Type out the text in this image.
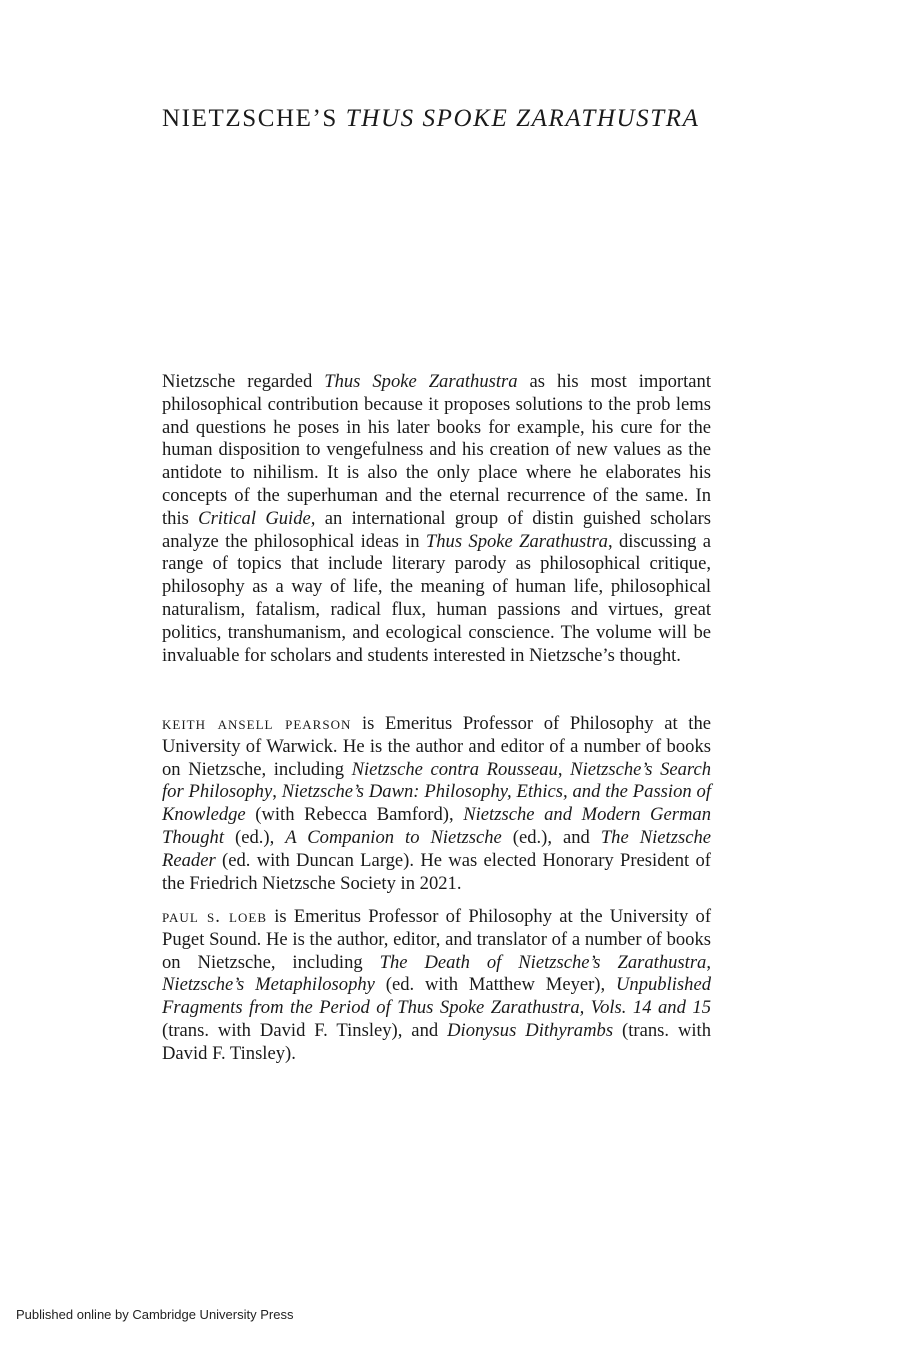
NIETZSCHE’S THUS SPOKE ZARATHUSTRA

Nietzsche regarded Thus Spoke Zarathustra as his most important philosophical contribution because it proposes solutions to the prob lems and questions he poses in his later books for example, his cure for the human disposition to vengefulness and his creation of new values as the antidote to nihilism. It is also the only place where he elaborates his concepts of the superhuman and the eternal recurrence of the same. In this Critical Guide, an international group of distin guished scholars analyze the philosophical ideas in Thus Spoke Zarathustra, discussing a range of topics that include literary parody as philosophical critique, philosophy as a way of life, the meaning of human life, philosophical naturalism, fatalism, radical flux, human passions and virtues, great politics, transhumanism, and ecological conscience. The volume will be invaluable for scholars and students interested in Nietzsche’s thought.

keith ansell pearson is Emeritus Professor of Philosophy at the University of Warwick. He is the author and editor of a number of books on Nietzsche, including Nietzsche contra Rousseau, Nietzsche’s Search for Philosophy, Nietzsche’s Dawn: Philosophy, Ethics, and the Passion of Knowledge (with Rebecca Bamford), Nietzsche and Modern German Thought (ed.), A Companion to Nietzsche (ed.), and The Nietzsche Reader (ed. with Duncan Large). He was elected Honorary President of the Friedrich Nietzsche Society in 2021.

paul s. loeb is Emeritus Professor of Philosophy at the University of Puget Sound. He is the author, editor, and translator of a number of books on Nietzsche, including The Death of Nietzsche’s Zarathustra, Nietzsche’s Metaphilosophy (ed. with Matthew Meyer), Unpublished Fragments from the Period of Thus Spoke Zarathustra, Vols. 14 and 15 (trans. with David F. Tinsley), and Dionysus Dithyrambs (trans. with David F. Tinsley).

Published online by Cambridge University Press
